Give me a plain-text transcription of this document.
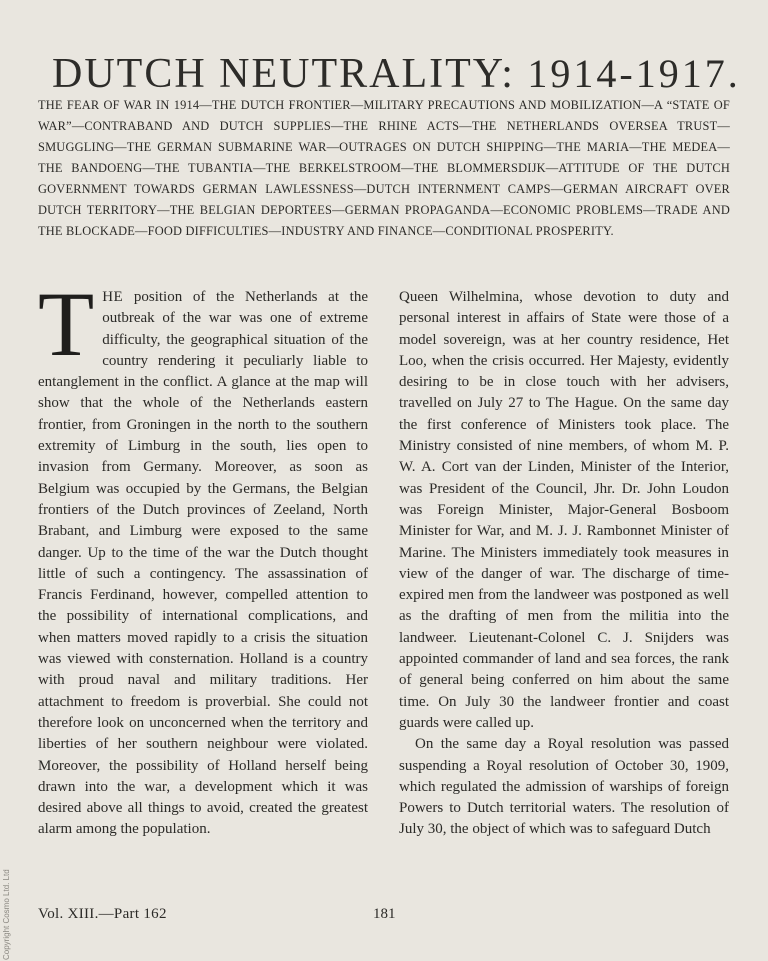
DUTCH NEUTRALITY: 1914-1917.
THE FEAR OF WAR IN 1914—THE DUTCH FRONTIER—MILITARY PRECAUTIONS AND MOBILIZATION—A “STATE OF WAR”—CONTRABAND AND DUTCH SUPPLIES—THE RHINE ACTS—THE NETHERLANDS OVERSEA TRUST—SMUGGLING—THE GERMAN SUBMARINE WAR—OUTRAGES ON DUTCH SHIPPING—THE MARIA—THE MEDEA—THE BANDOENG—THE TUBANTIA—THE BERKELSTROOM—THE BLOMMERSDIJK—ATTITUDE OF THE DUTCH GOVERNMENT TOWARDS GERMAN LAWLESSNESS—DUTCH INTERNMENT CAMPS—GERMAN AIRCRAFT OVER DUTCH TERRITORY—THE BELGIAN DEPORTEES—GERMAN PROPAGANDA—ECONOMIC PROBLEMS—TRADE AND THE BLOCKADE—FOOD DIFFICULTIES—INDUSTRY AND FINANCE—CONDITIONAL PROSPERITY.

THE position of the Netherlands at the outbreak of the war was one of extreme difficulty, the geographical situation of the country rendering it peculiarly liable to entanglement in the conflict. A glance at the map will show that the whole of the Netherlands eastern frontier, from Groningen in the north to the southern extremity of Limburg in the south, lies open to invasion from Germany. Moreover, as soon as Belgium was occupied by the Germans, the Belgian frontiers of the Dutch provinces of Zeeland, North Brabant, and Limburg were exposed to the same danger. Up to the time of the war the Dutch thought little of such a contingency. The assassination of Francis Ferdinand, however, compelled attention to the possibility of international complications, and when matters moved rapidly to a crisis the situation was viewed with consternation. Holland is a country with proud naval and military traditions. Her attachment to freedom is proverbial. She could not therefore look on unconcerned when the territory and liberties of her southern neighbour were violated. Moreover, the possibility of Holland herself being drawn into the war, a development which it was desired above all things to avoid, created the greatest alarm among the population.

Queen Wilhelmina, whose devotion to duty and personal interest in affairs of State were those of a model sovereign, was at her country residence, Het Loo, when the crisis occurred. Her Majesty, evidently desiring to be in close touch with her advisers, travelled on July 27 to The Hague. On the same day the first conference of Ministers took place. The Ministry consisted of nine members, of whom M. P. W. A. Cort van der Linden, Minister of the Interior, was President of the Council, Jhr. Dr. John Loudon was Foreign Minister, Major-General Bosboom Minister for War, and M. J. J. Rambonnet Minister of Marine. The Ministers immediately took measures in view of the danger of war. The discharge of time-expired men from the landweer was postponed as well as the drafting of men from the militia into the landweer. Lieutenant-Colonel C. J. Snijders was appointed commander of land and sea forces, the rank of general being conferred on him about the same time. On July 30 the landweer frontier and coast guards were called up.

On the same day a Royal resolution was passed suspending a Royal resolution of October 30, 1909, which regulated the admission of warships of foreign Powers to Dutch territorial waters. The resolution of July 30, the object of which was to safeguard Dutch

Vol. XIII.—Part 162	181
Copyright Cosmo Ltd. Ltd
